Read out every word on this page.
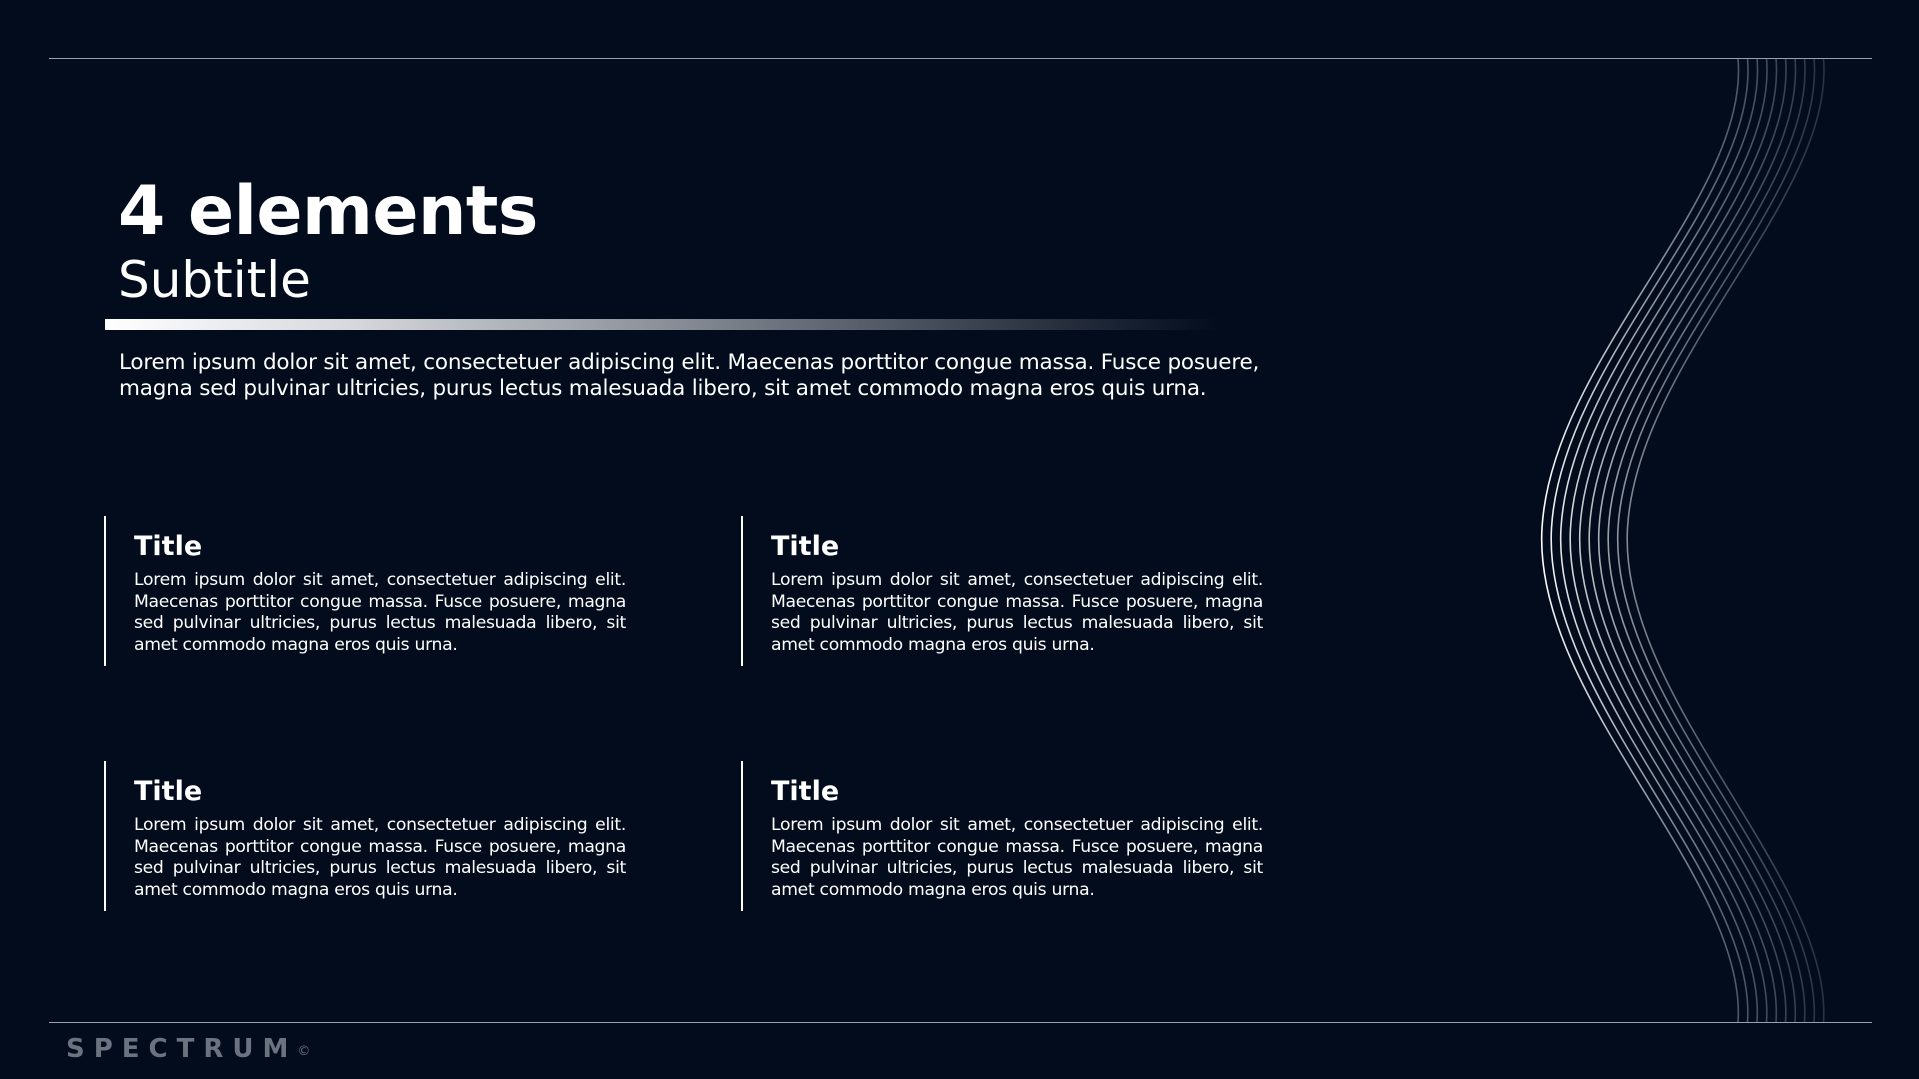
4 elements
Subtitle
Lorem ipsum dolor sit amet, consectetuer adipiscing elit. Maecenas porttitor congue massa. Fusce posuere, magna sed pulvinar ultricies, purus lectus malesuada libero, sit amet commodo magna eros quis urna.
Title
Lorem ipsum dolor sit amet, consectetuer adipiscing elit. Maecenas porttitor congue massa. Fusce posuere, magna sed pulvinar ultricies, purus lectus malesuada libero, sit amet commodo magna eros quis urna.
Title
Lorem ipsum dolor sit amet, consectetuer adipiscing elit. Maecenas porttitor congue massa. Fusce posuere, magna sed pulvinar ultricies, purus lectus malesuada libero, sit amet commodo magna eros quis urna.
Title
Lorem ipsum dolor sit amet, consectetuer adipiscing elit. Maecenas porttitor congue massa. Fusce posuere, magna sed pulvinar ultricies, purus lectus malesuada libero, sit amet commodo magna eros quis urna.
Title
Lorem ipsum dolor sit amet, consectetuer adipiscing elit. Maecenas porttitor congue massa. Fusce posuere, magna sed pulvinar ultricies, purus lectus malesuada libero, sit amet commodo magna eros quis urna.
SPECTRUM©
